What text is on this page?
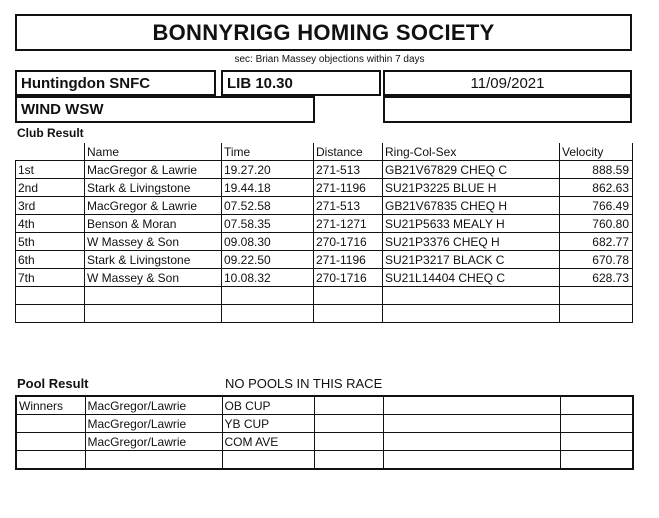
BONNYRIGG HOMING SOCIETY
sec: Brian Massey objections within 7 days
Huntingdon SNFC	LIB 10.30	11/09/2021
WIND WSW
Club Result
	Name	Time	Distance	Ring-Col-Sex	Velocity
1st	MacGregor & Lawrie	19.27.20	271-513	GB21V67829 CHEQ C	888.59
2nd	Stark & Livingstone	19.44.18	271-1196	SU21P3225 BLUE H	862.63
3rd	MacGregor & Lawrie	07.52.58	271-513	GB21V67835 CHEQ H	766.49
4th	Benson & Moran	07.58.35	271-1271	SU21P5633 MEALY H	760.80
5th	W Massey & Son	09.08.30	270-1716	SU21P3376 CHEQ H	682.77
6th	Stark & Livingstone	09.22.50	271-1196	SU21P3217 BLACK C	670.78
7th	W Massey & Son	10.08.32	270-1716	SU21L14404 CHEQ C	628.73

Pool Result	NO POOLS IN THIS RACE
Winners	MacGregor/Lawrie	OB CUP			
	MacGregor/Lawrie	YB CUP			
	MacGregor/Lawrie	COM AVE			
